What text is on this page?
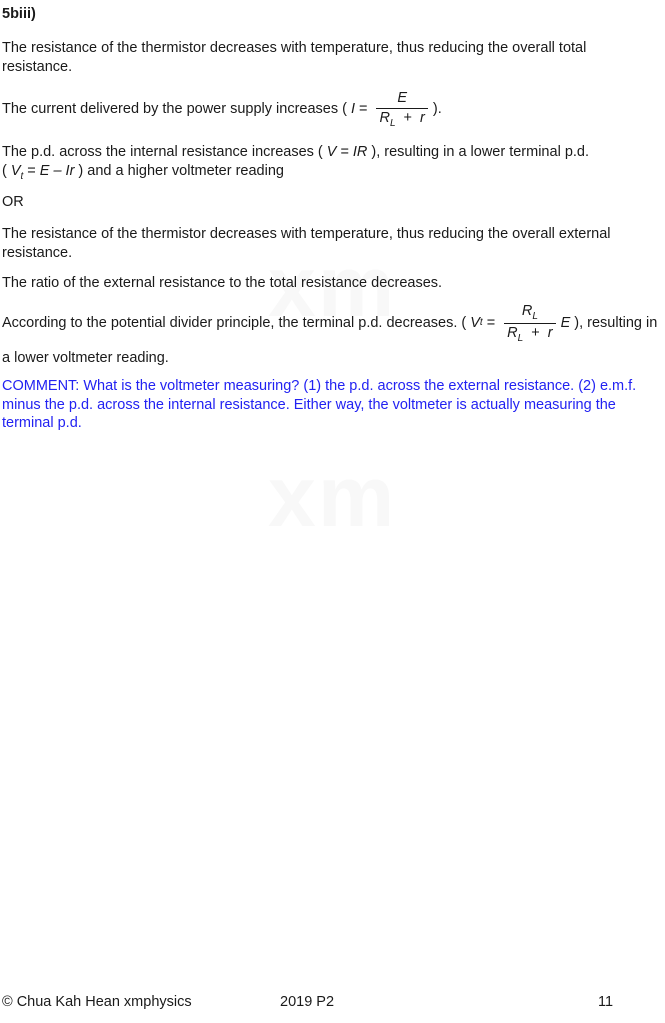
xm
xm
5biii)
The resistance of the thermistor decreases with temperature, thus reducing the overall total
resistance.
The current delivered by the power supply increases ( $I = \frac{E}{R_L + r}$ ).
The p.d. across the internal resistance increases ( V = IR ), resulting in a lower terminal p.d.
( $V_t = E - Ir$ ) and a higher voltmeter reading
OR
The resistance of the thermistor decreases with temperature, thus reducing the overall external
resistance.
The ratio of the external resistance to the total resistance decreases.
According to the potential divider principle, the terminal p.d. decreases. ( V $t = \frac{R_L}{R_L + r}$ E ), resulting in
a lower voltmeter reading.
COMMENT: What is the voltmeter measuring? (1) the p.d. across the external resistance. (2) e.m.f.
minus the p.d. across the internal resistance. Either way, the voltmeter is actually measuring the
terminal p.d.
© Chua Kah Hean xmphysics	2019 P2	11
